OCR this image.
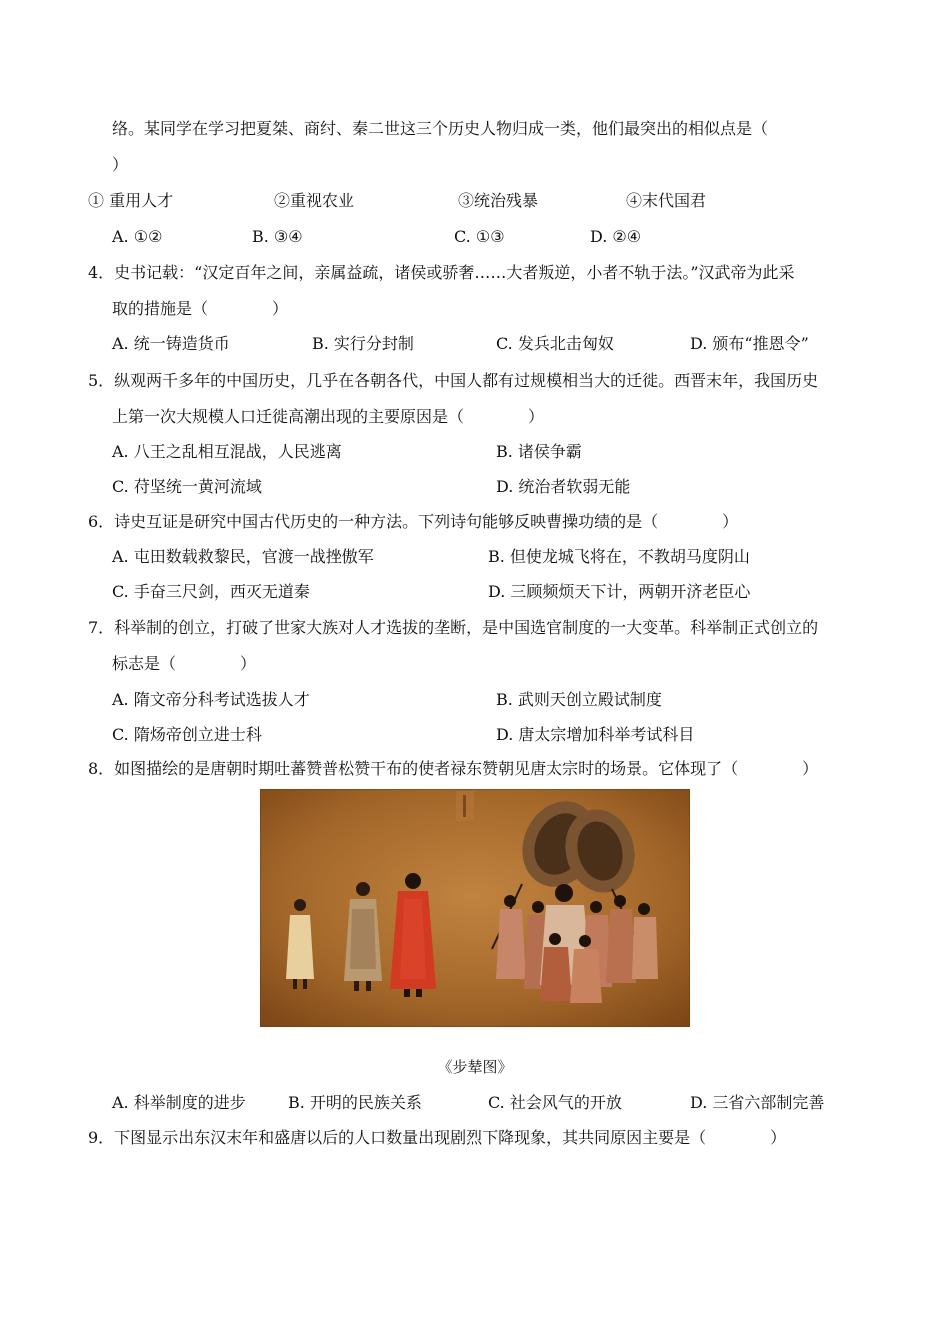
络。某同学在学习把夏桀、商纣、秦二世这三个历史人物归成一类，他们最突出的相似点是（
）
① 重用人才	②重视农业	③统治残暴	④末代国君
A. ①②	B. ③④	C. ①③	D. ②④
4．史书记载：“汉定百年之间，亲属益疏，诸侯或骄奢……大者叛逆，小者不轨于法。”汉武帝为此采
取的措施是（　　　　）
A. 统一铸造货币	B. 实行分封制	C. 发兵北击匈奴	D. 颁布“推恩令”
5．纵观两千多年的中国历史，几乎在各朝各代，中国人都有过规模相当大的迁徙。西晋末年，我国历史
上第一次大规模人口迁徙高潮出现的主要原因是（　　　　）
A. 八王之乱相互混战，人民逃离	B. 诸侯争霸
C. 苻坚统一黄河流域	D. 统治者软弱无能
6．诗史互证是研究中国古代历史的一种方法。下列诗句能够反映曹操功绩的是（　　　　）
A. 屯田数载救黎民，官渡一战挫傲军	B. 但使龙城飞将在，不教胡马度阴山
C. 手奋三尺剑，西灭无道秦	D. 三顾频烦天下计，两朝开济老臣心
7．科举制的创立，打破了世家大族对人才选拔的垄断，是中国选官制度的一大变革。科举制正式创立的
标志是（　　　　）
A. 隋文帝分科考试选拔人才	B. 武则天创立殿试制度
C. 隋炀帝创立进士科	D. 唐太宗增加科举考试科目
8．如图描绘的是唐朝时期吐蕃赞普松赞干布的使者禄东赞朝见唐太宗时的场景。它体现了（　　　　）
《步辇图》
A. 科举制度的进步	B. 开明的民族关系	C. 社会风气的开放	D. 三省六部制完善
9．下图显示出东汉末年和盛唐以后的人口数量出现剧烈下降现象，其共同原因主要是（　　　　）
